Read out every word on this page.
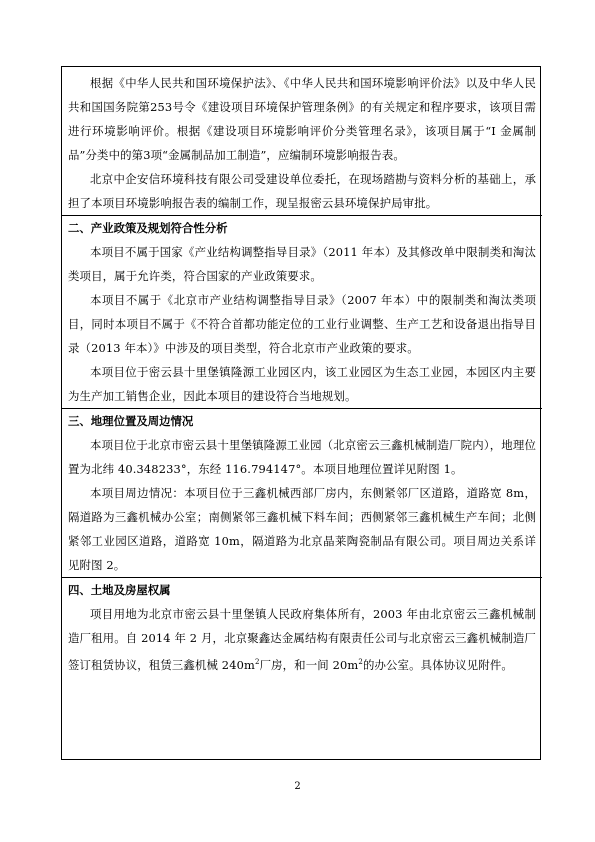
根据《中华人民共和国环境保护法》、《中华人民共和国环境影响评价法》以及中华人民共和国国务院第253号令《建设项目环境保护管理条例》的有关规定和程序要求，该项目需进行环境影响评价。根据《建设项目环境影响评价分类管理名录》，该项目属于“I 金属制品”分类中的第3项“金属制品加工制造”，应编制环境影响报告表。

北京中企安信环境科技有限公司受建设单位委托，在现场踏勘与资料分析的基础上，承担了本项目环境影响报告表的编制工作，现呈报密云县环境保护局审批。

二、产业政策及规划符合性分析

本项目不属于国家《产业结构调整指导目录》（2011 年本）及其修改单中限制类和淘汰类项目，属于允许类，符合国家的产业政策要求。

本项目不属于《北京市产业结构调整指导目录》（2007 年本）中的限制类和淘汰类项目，同时本项目不属于《不符合首都功能定位的工业行业调整、生产工艺和设备退出指导目录（2013 年本）》中涉及的项目类型，符合北京市产业政策的要求。

本项目位于密云县十里堡镇隆源工业园区内，该工业园区为生态工业园，本园区内主要为生产加工销售企业，因此本项目的建设符合当地规划。

三、地理位置及周边情况

本项目位于北京市密云县十里堡镇隆源工业园（北京密云三鑫机械制造厂院内），地理位置为北纬 40.348233°，东经 116.794147°。本项目地理位置详见附图 1。

本项目周边情况：本项目位于三鑫机械西部厂房内，东侧紧邻厂区道路，道路宽 8m，隔道路为三鑫机械办公室；南侧紧邻三鑫机械下料车间；西侧紧邻三鑫机械生产车间；北侧紧邻工业园区道路，道路宽 10m，隔道路为北京晶莱陶瓷制品有限公司。项目周边关系详见附图 2。

四、土地及房屋权属

项目用地为北京市密云县十里堡镇人民政府集体所有，2003 年由北京密云三鑫机械制造厂租用。自 2014 年 2 月，北京聚鑫达金属结构有限责任公司与北京密云三鑫机械制造厂签订租赁协议，租赁三鑫机械 $240m^2$厂房，和一间 $20m^2$的办公室。具体协议见附件。

2
